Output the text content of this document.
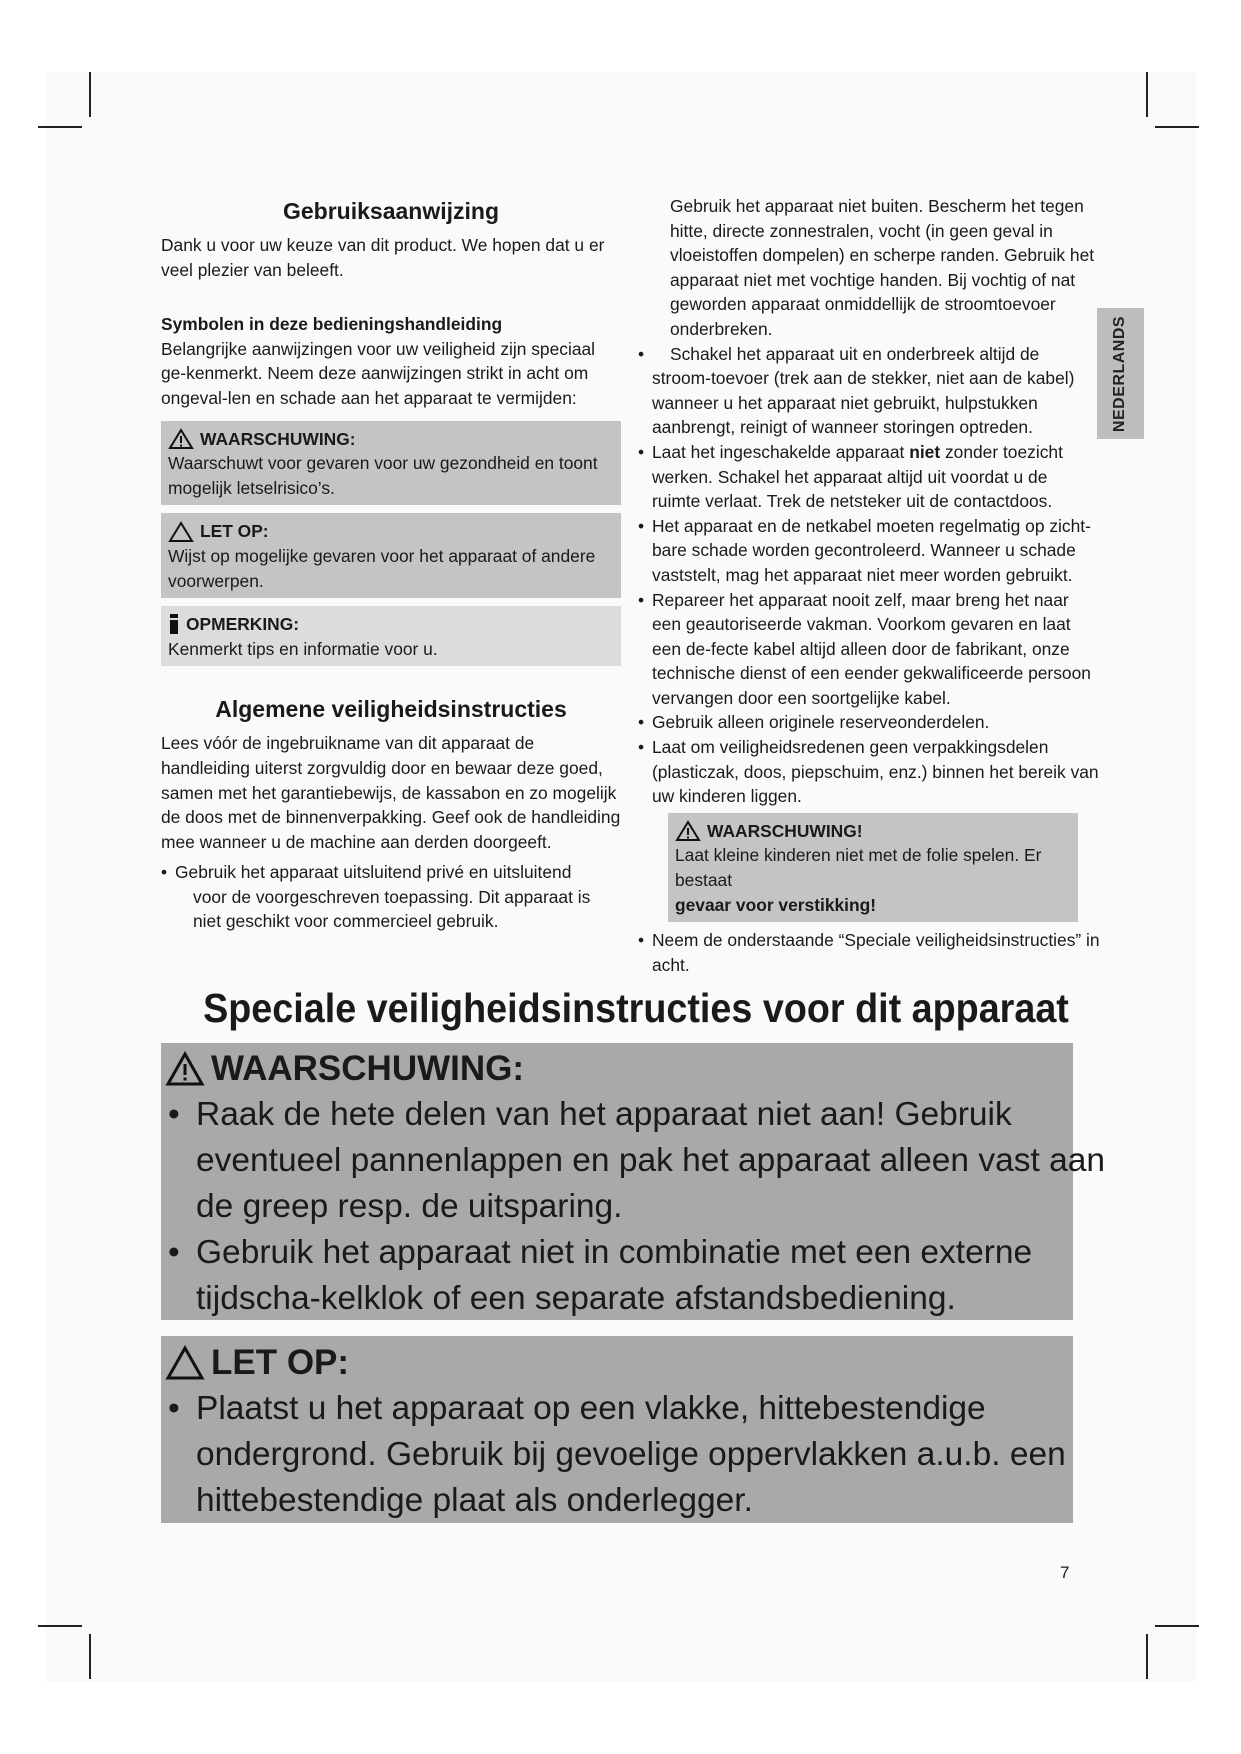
Gebruiksaanwijzing

Dank u voor uw keuze van dit product. We hopen dat u er veel plezier van beleeft.

Symbolen in deze bedieningshandleiding

Belangrijke aanwijzingen voor uw veiligheid zijn speciaal ge-kenmerkt. Neem deze aanwijzingen strikt in acht om ongeval-len en schade aan het apparaat te vermijden:

WAARSCHUWING:

Waarschuwt voor gevaren voor uw gezondheid en toont mogelijk letselrisico’s.

LET OP:

Wijst op mogelijke gevaren voor het apparaat of andere voorwerpen.

OPMERKING:

Kenmerkt tips en informatie voor u.

Algemene veiligheidsinstructies

Lees vóór de ingebruikname van dit apparaat de handleiding uiterst zorgvuldig door en bewaar deze goed, samen met het garantiebewijs, de kassabon en zo mogelijk de doos met de binnenverpakking. Geef ook de handleiding mee wanneer u de machine aan derden doorgeeft.

• Gebruik het apparaat uitsluitend privé en uitsluitend
voor de voorgeschreven toepassing. Dit apparaat is niet geschikt voor commercieel gebruik.

Gebruik het apparaat niet buiten. Bescherm het tegen hitte, directe zonnestralen, vocht (in geen geval in vloeistoffen dompelen) en scherpe randen. Gebruik het apparaat niet met vochtige handen. Bij vochtig of nat geworden apparaat onmiddellijk de stroomtoevoer onderbreken.

• Schakel het apparaat uit en onderbreek altijd de stroom-toevoer (trek aan de stekker, niet aan de kabel) wanneer u het apparaat niet gebruikt, hulpstukken aanbrengt, reinigt of wanneer storingen optreden.
• Laat het ingeschakelde apparaat niet zonder toezicht werken. Schakel het apparaat altijd uit voordat u de ruimte verlaat. Trek de netsteker uit de contactdoos.
• Het apparaat en de netkabel moeten regelmatig op zicht-bare schade worden gecontroleerd. Wanneer u schade vaststelt, mag het apparaat niet meer worden gebruikt.
• Repareer het apparaat nooit zelf, maar breng het naar een geautoriseerde vakman. Voorkom gevaren en laat een de-fecte kabel altijd alleen door de fabrikant, onze technische dienst of een eender gekwalificeerde persoon vervangen door een soortgelijke kabel.
• Gebruik alleen originele reserveonderdelen.
• Laat om veiligheidsredenen geen verpakkingsdelen (plasticzak, doos, piepschuim, enz.) binnen het bereik van uw kinderen liggen.
WAARSCHUWING!

Laat kleine kinderen niet met de folie spelen. Er bestaat
gevaar voor verstikking!

• Neem de onderstaande “Speciale veiligheidsinstructies” in acht.
NEDERLANDS
Speciale veiligheidsinstructies voor dit apparaat
WAARSCHUWING:
• Raak de hete delen van het apparaat niet aan! Gebruik eventueel pannenlappen en pak het apparaat alleen vast aan de greep resp. de uitsparing.
• Gebruik het apparaat niet in combinatie met een externe tijdscha-kelklok of een separate afstandsbediening.
LET OP:
• Plaatst u het apparaat op een vlakke, hittebestendige ondergrond. Gebruik bij gevoelige oppervlakken a.u.b. een hittebestendige plaat als onderlegger.
7
